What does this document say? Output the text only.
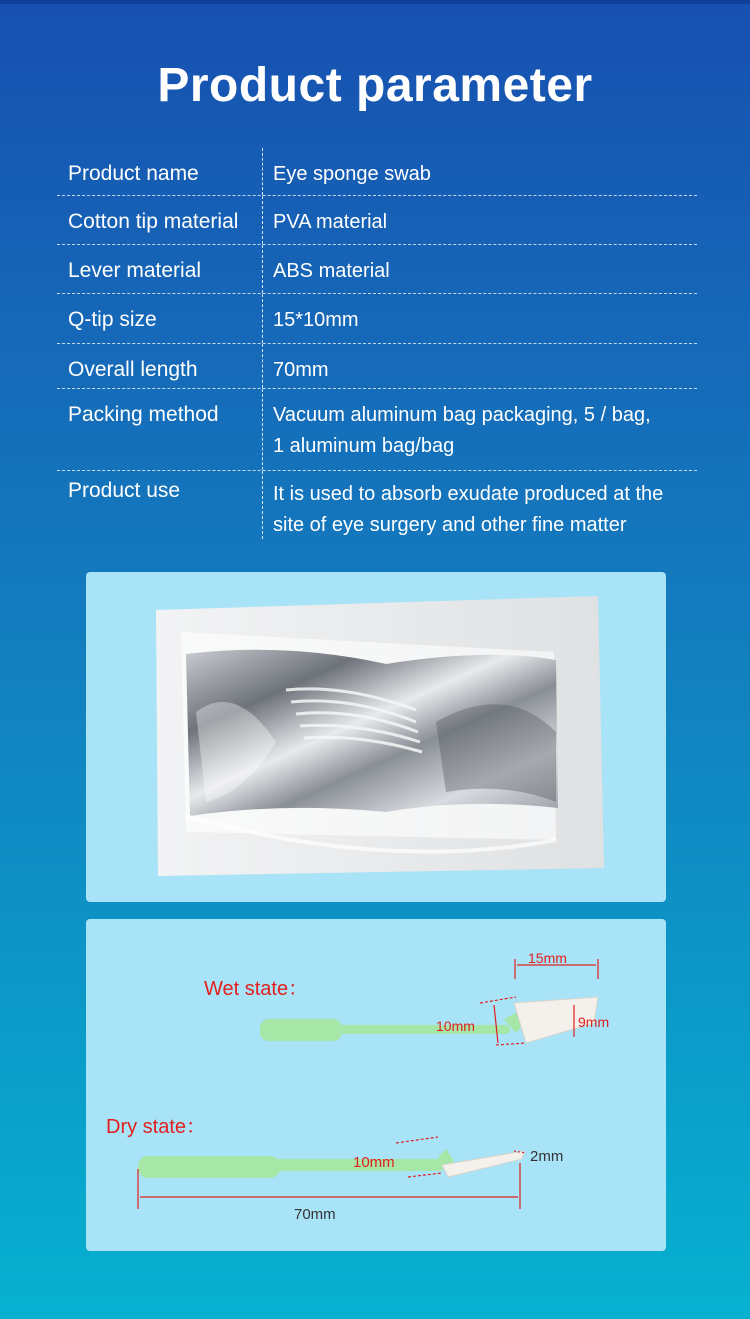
Product parameter
Product name	Eye sponge swab
Cotton tip material	PVA material
Lever material	ABS material
Q-tip size	15*10mm
Overall length	70mm
Packing method	Vacuum aluminum bag packaging, 5 / bag,
1 aluminum bag/bag
Product use	It is used to absorb exudate produced at the
site of eye surgery and other fine matter
Wet state：
15mm
10mm	9mm
Dry state：
10mm	2mm
70mm
